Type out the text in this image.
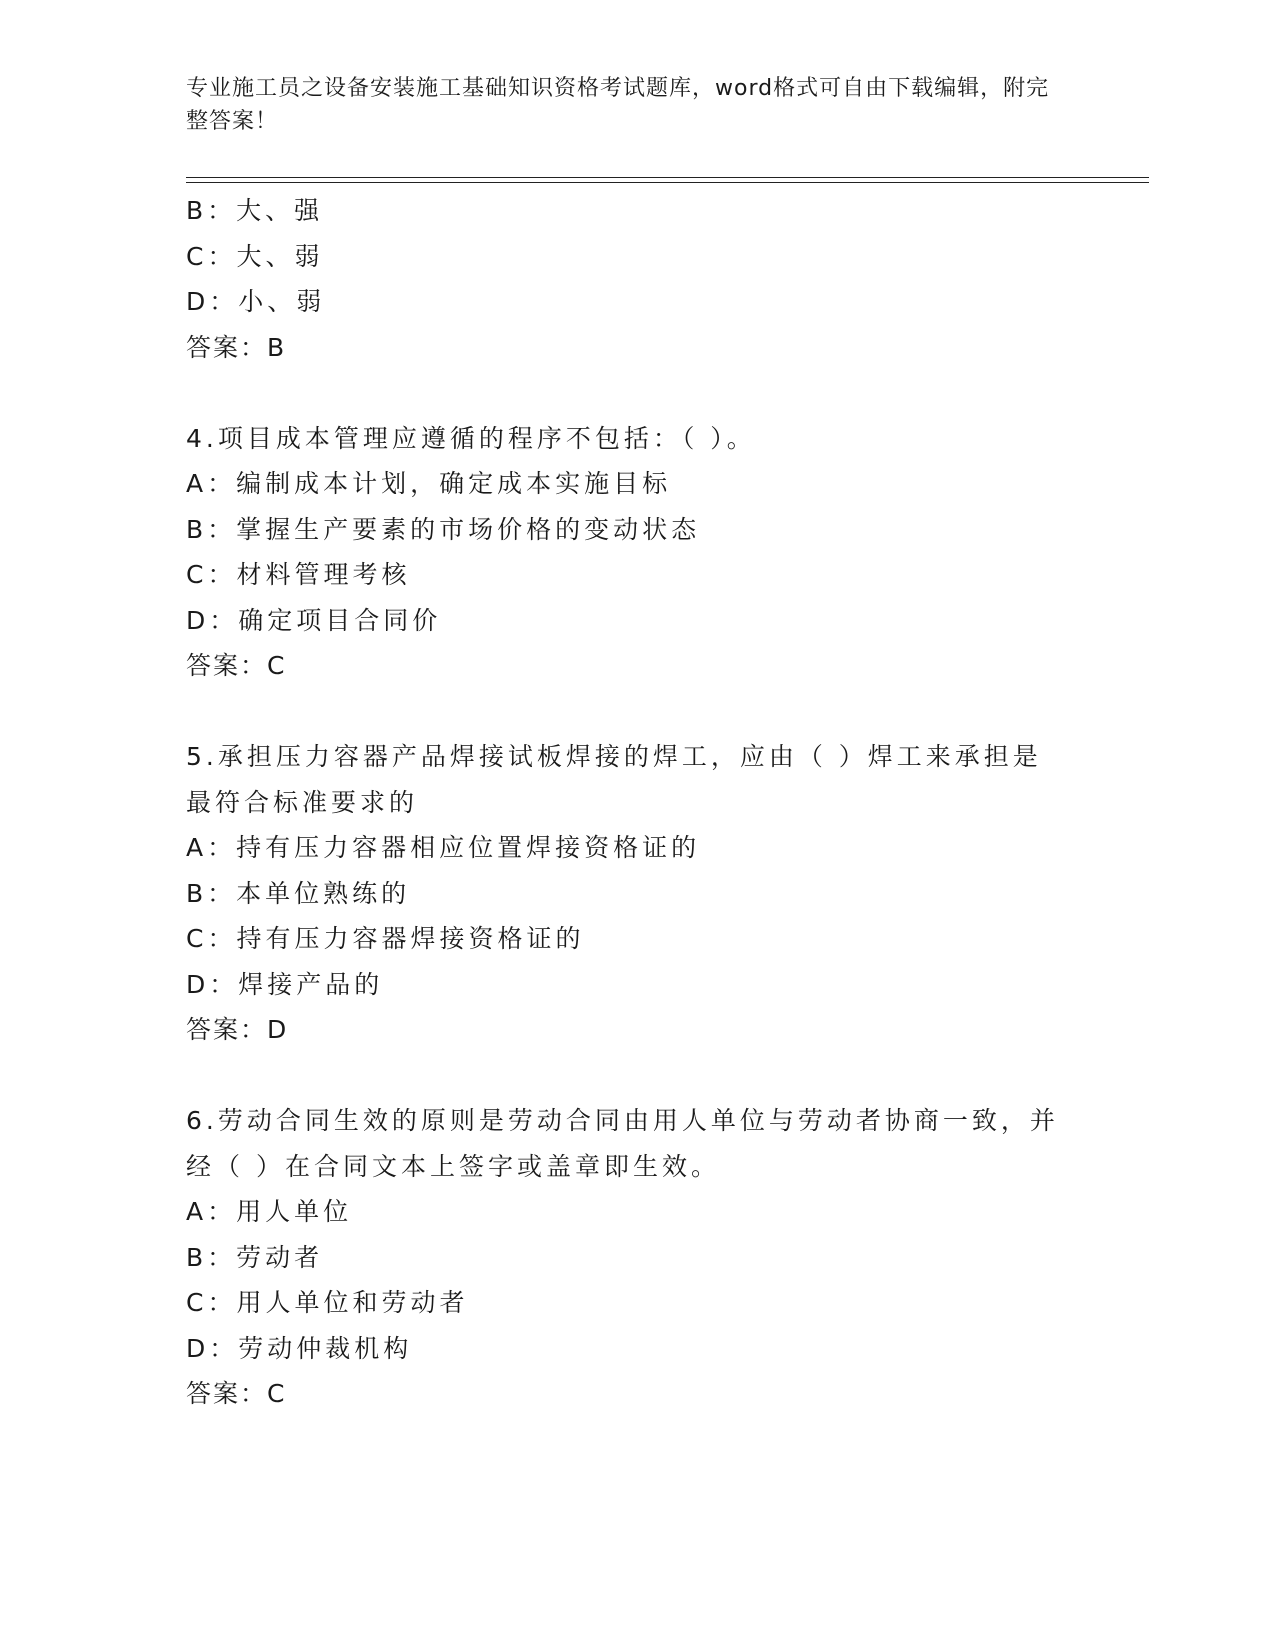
专业施工员之设备安装施工基础知识资格考试题库，word格式可自由下载编辑，附完整答案！
B：大、强
C：大、弱
D：小、弱
答案：B
4.项目成本管理应遵循的程序不包括：（ ）。
A：编制成本计划，确定成本实施目标
B：掌握生产要素的市场价格的变动状态
C：材料管理考核
D：确定项目合同价
答案：C
5.承担压力容器产品焊接试板焊接的焊工，应由（ ）焊工来承担是最符合标准要求的
A：持有压力容器相应位置焊接资格证的
B：本单位熟练的
C：持有压力容器焊接资格证的
D：焊接产品的
答案：D
6.劳动合同生效的原则是劳动合同由用人单位与劳动者协商一致，并经（ ）在合同文本上签字或盖章即生效。
A：用人单位
B：劳动者
C：用人单位和劳动者
D：劳动仲裁机构
答案：C
